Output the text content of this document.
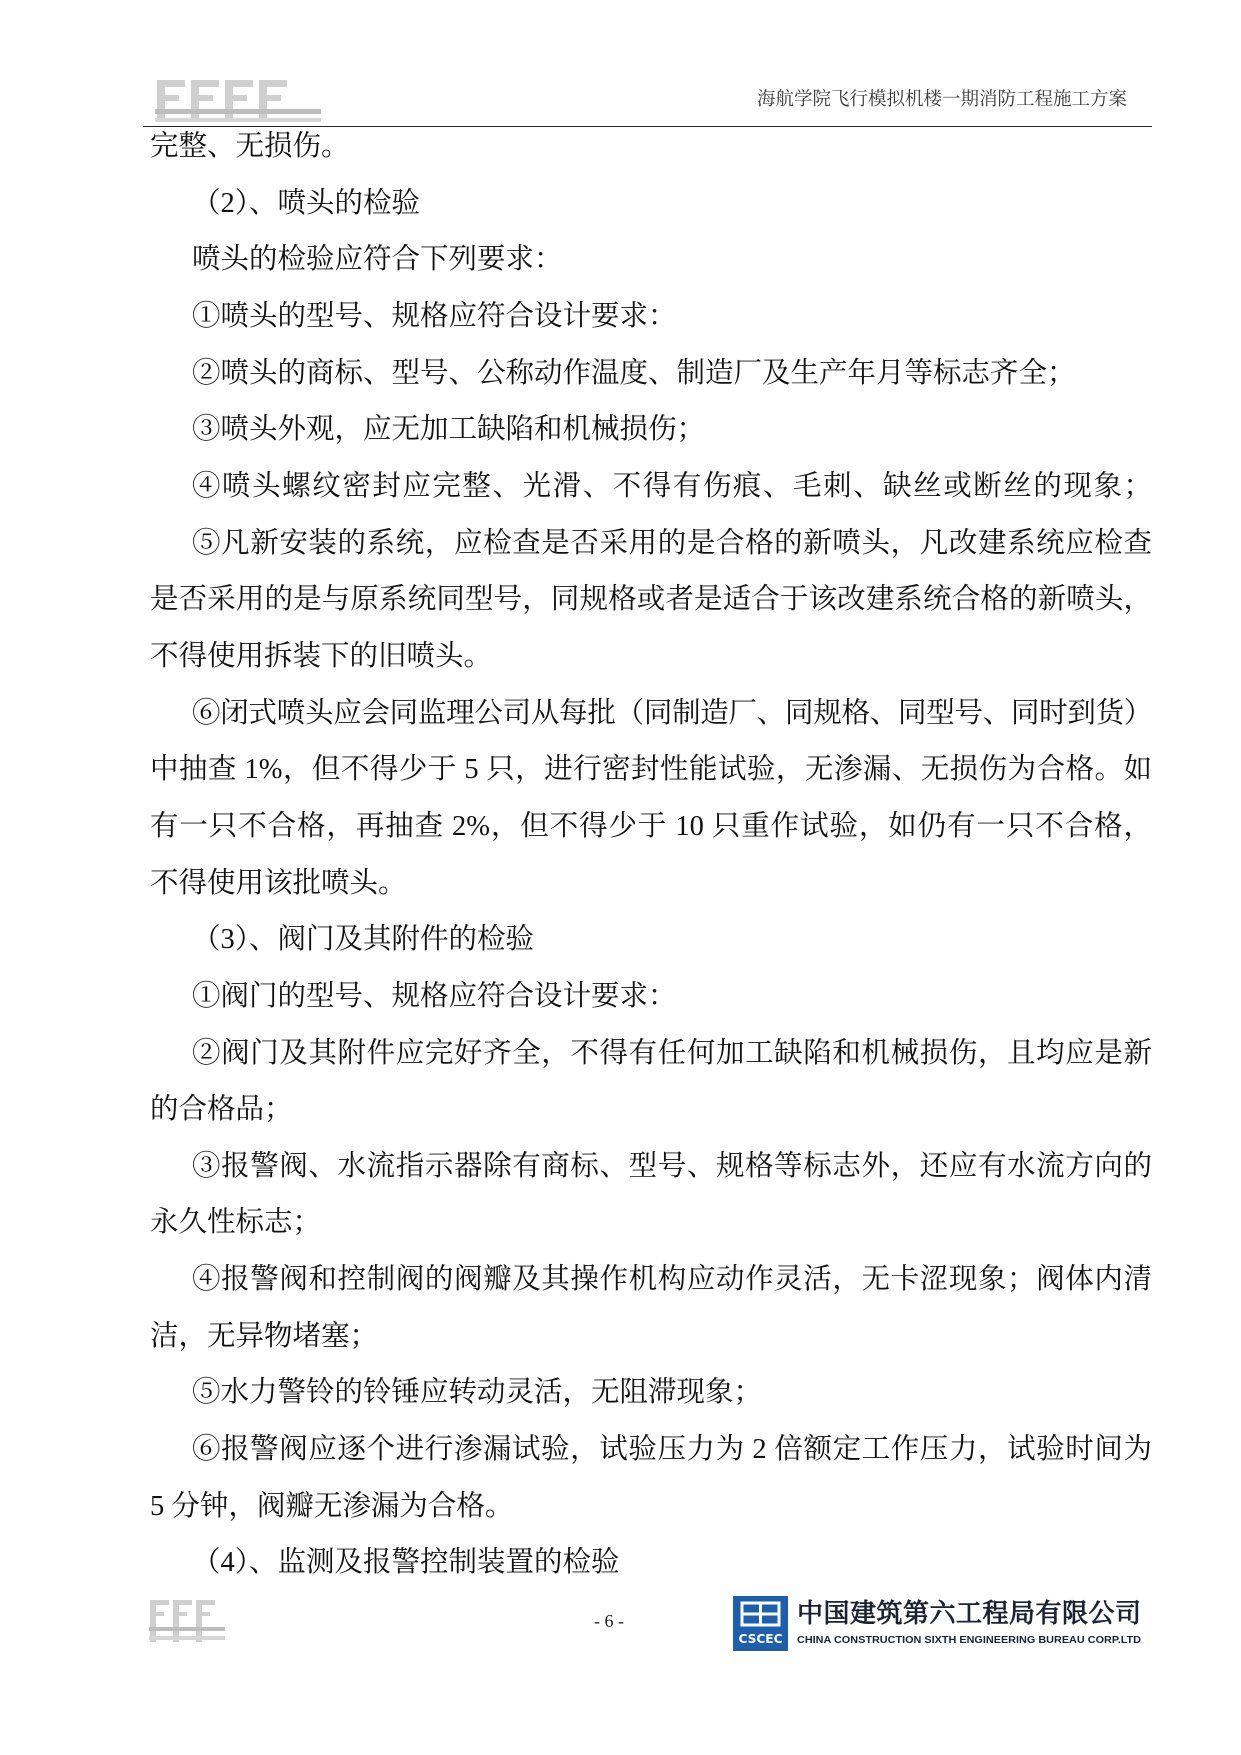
海航学院飞行模拟机楼一期消防工程施工方案
完整、无损伤。
（2）、喷头的检验
喷头的检验应符合下列要求：
①喷头的型号、规格应符合设计要求：
②喷头的商标、型号、公称动作温度、制造厂及生产年月等标志齐全；
③喷头外观，应无加工缺陷和机械损伤；
④喷头螺纹密封应完整、光滑、不得有伤痕、毛刺、缺丝或断丝的现象；
⑤凡新安装的系统，应检查是否采用的是合格的新喷头，凡改建系统应检查
是否采用的是与原系统同型号，同规格或者是适合于该改建系统合格的新喷头，
不得使用拆装下的旧喷头。
⑥闭式喷头应会同监理公司从每批（同制造厂、同规格、同型号、同时到货）
中抽查 1%，但不得少于 5 只，进行密封性能试验，无渗漏、无损伤为合格。如
有一只不合格，再抽查 2%，但不得少于 10 只重作试验，如仍有一只不合格，
不得使用该批喷头。
（3）、阀门及其附件的检验
①阀门的型号、规格应符合设计要求：
②阀门及其附件应完好齐全，不得有任何加工缺陷和机械损伤，且均应是新
的合格品；
③报警阀、水流指示器除有商标、型号、规格等标志外，还应有水流方向的
永久性标志；
④报警阀和控制阀的阀瓣及其操作机构应动作灵活，无卡涩现象；阀体内清
洁，无异物堵塞；
⑤水力警铃的铃锤应转动灵活，无阻滞现象；
⑥报警阀应逐个进行渗漏试验，试验压力为 2 倍额定工作压力，试验时间为
5 分钟，阀瓣无渗漏为合格。
（4）、监测及报警控制装置的检验
- 6 -
CSCEC
中国建筑第六工程局有限公司
CHINA CONSTRUCTION SIXTH ENGINEERING BUREAU CORP.LTD
